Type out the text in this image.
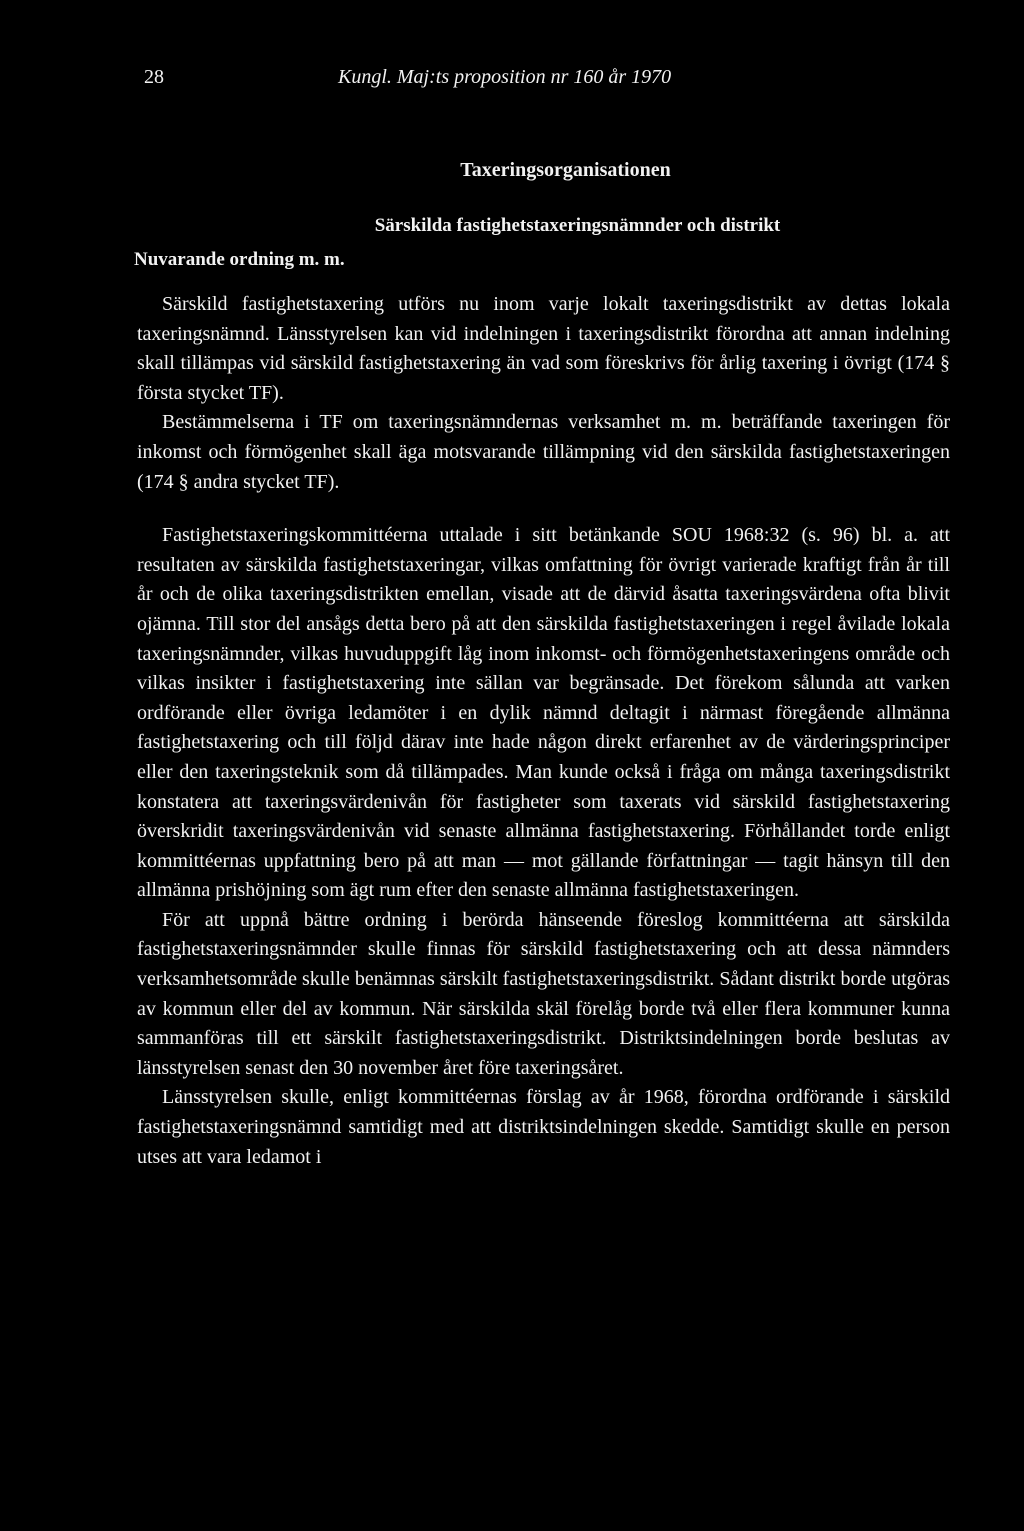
28	Kungl. Maj:ts proposition nr 160 år 1970
Taxeringsorganisationen
Särskilda fastighetstaxeringsnämnder och distrikt
Nuvarande ordning m. m.

Särskild fastighetstaxering utförs nu inom varje lokalt taxeringsdistrikt av dettas lokala taxeringsnämnd. Länsstyrelsen kan vid indelningen i taxeringsdistrikt förordna att annan indelning skall tillämpas vid särskild fastighetstaxering än vad som föreskrivs för årlig taxering i övrigt (174 § första stycket TF).

Bestämmelserna i TF om taxeringsnämndernas verksamhet m. m. beträffande taxeringen för inkomst och förmögenhet skall äga motsvarande tillämpning vid den särskilda fastighetstaxeringen (174 § andra stycket TF).

Fastighetstaxeringskommittéerna uttalade i sitt betänkande SOU 1968:32 (s. 96) bl. a. att resultaten av särskilda fastighetstaxeringar, vilkas omfattning för övrigt varierade kraftigt från år till år och de olika taxeringsdistrikten emellan, visade att de därvid åsatta taxeringsvärdena ofta blivit ojämna. Till stor del ansågs detta bero på att den särskilda fastighetstaxeringen i regel åvilade lokala taxeringsnämnder, vilkas huvuduppgift låg inom inkomst- och förmögenhetstaxeringens område och vilkas insikter i fastighetstaxering inte sällan var begränsade. Det förekom sålunda att varken ordförande eller övriga ledamöter i en dylik nämnd deltagit i närmast föregående allmänna fastighetstaxering och till följd därav inte hade någon direkt erfarenhet av de värderingsprinciper eller den taxeringsteknik som då tillämpades. Man kunde också i fråga om många taxeringsdistrikt konstatera att taxeringsvärdenivån för fastigheter som taxerats vid särskild fastighetstaxering överskridit taxeringsvärdenivån vid senaste allmänna fastighetstaxering. Förhållandet torde enligt kommittéernas uppfattning bero på att man — mot gällande författningar — tagit hänsyn till den allmänna prishöjning som ägt rum efter den senaste allmänna fastighetstaxeringen.

För att uppnå bättre ordning i berörda hänseende föreslog kommittéerna att särskilda fastighetstaxeringsnämnder skulle finnas för särskild fastighetstaxering och att dessa nämnders verksamhetsområde skulle benämnas särskilt fastighetstaxeringsdistrikt. Sådant distrikt borde utgöras av kommun eller del av kommun. När särskilda skäl förelåg borde två eller flera kommuner kunna sammanföras till ett särskilt fastighetstaxeringsdistrikt. Distriktsindelningen borde beslutas av länsstyrelsen senast den 30 november året före taxeringsåret.

Länsstyrelsen skulle, enligt kommittéernas förslag av år 1968, förordna ordförande i särskild fastighetstaxeringsnämnd samtidigt med att distriktsindelningen skedde. Samtidigt skulle en person utses att vara ledamot i
